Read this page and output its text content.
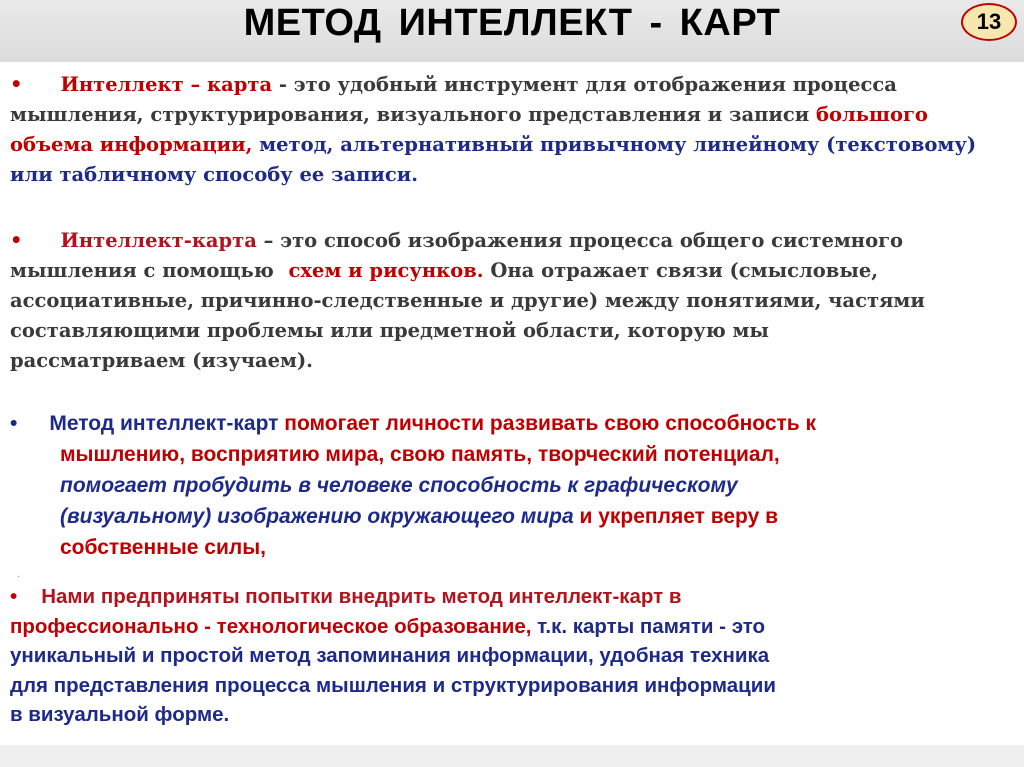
МЕТОД ИНТЕЛЛЕКТ - КАРТ	13
• Интеллект – карта - это удобный инструмент для отображения процесса
мышления, структурирования, визуального представления и записи большого
объема информации, метод, альтернативный привычному линейному (текстовому)
или табличному способу ее записи.
• Интеллект-карта – это способ изображения процесса общего системного
мышления с помощью схем и рисунков. Она отражает связи (смысловые,
ассоциативные, причинно-следственные и другие) между понятиями, частями
составляющими проблемы или предметной области, которую мы
рассматриваем (изучаем).
• Метод интеллект-карт помогает личности развивать свою способность к
мышлению, восприятию мира, свою память, творческий потенциал,
помогает пробудить в человеке способность к графическому
(визуальному) изображению окружающего мира и укрепляет веру в
собственные силы,
.
• Нами предприняты попытки внедрить метод интеллект-карт в
профессионально - технологическое образование, т.к. карты памяти - это
уникальный и простой метод запоминания информации, удобная техника
для представления процесса мышления и структурирования информации
в визуальной форме.
